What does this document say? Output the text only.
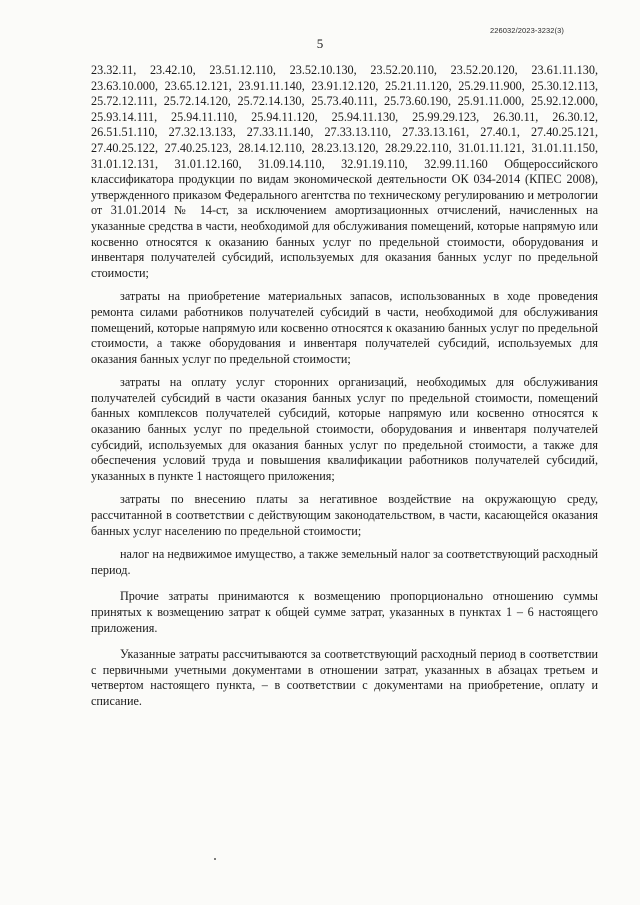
226032/2023-3232(3)
5

23.32.11, 23.42.10, 23.51.12.110, 23.52.10.130, 23.52.20.110, 23.52.20.120, 23.61.11.130, 23.63.10.000, 23.65.12.121, 23.91.11.140, 23.91.12.120, 25.21.11.120, 25.29.11.900, 25.30.12.113, 25.72.12.111, 25.72.14.120, 25.72.14.130, 25.73.40.111, 25.73.60.190, 25.91.11.000, 25.92.12.000, 25.93.14.111, 25.94.11.110, 25.94.11.120, 25.94.11.130, 25.99.29.123, 26.30.11, 26.30.12, 26.51.51.110, 27.32.13.133, 27.33.11.140, 27.33.13.110, 27.33.13.161, 27.40.1, 27.40.25.121, 27.40.25.122, 27.40.25.123, 28.14.12.110, 28.23.13.120, 28.29.22.110, 31.01.11.121, 31.01.11.150, 31.01.12.131, 31.01.12.160, 31.09.14.110, 32.91.19.110, 32.99.11.160 Общероссийского классификатора продукции по видам экономической деятельности ОК 034-2014 (КПЕС 2008), утвержденного приказом Федерального агентства по техническому регулированию и метрологии от 31.01.2014 № 14-ст, за исключением амортизационных отчислений, начисленных на указанные средства в части, необходимой для обслуживания помещений, которые напрямую или косвенно относятся к оказанию банных услуг по предельной стоимости, оборудования и инвентаря получателей субсидий, используемых для оказания банных услуг по предельной стоимости;

затраты на приобретение материальных запасов, использованных в ходе проведения ремонта силами работников получателей субсидий в части, необходимой для обслуживания помещений, которые напрямую или косвенно относятся к оказанию банных услуг по предельной стоимости, а также оборудования и инвентаря получателей субсидий, используемых для оказания банных услуг по предельной стоимости;

затраты на оплату услуг сторонних организаций, необходимых для обслуживания получателей субсидий в части оказания банных услуг по предельной стоимости, помещений банных комплексов получателей субсидий, которые напрямую или косвенно относятся к оказанию банных услуг по предельной стоимости, оборудования и инвентаря получателей субсидий, используемых для оказания банных услуг по предельной стоимости, а также для обеспечения условий труда и повышения квалификации работников получателей субсидий, указанных в пункте 1 настоящего приложения;

затраты по внесению платы за негативное воздействие на окружающую среду, рассчитанной в соответствии с действующим законодательством, в части, касающейся оказания банных услуг населению по предельной стоимости;

налог на недвижимое имущество, а также земельный налог за соответствующий расходный период.

Прочие затраты принимаются к возмещению пропорционально отношению суммы принятых к возмещению затрат к общей сумме затрат, указанных в пунктах 1 – 6 настоящего приложения.

Указанные затраты рассчитываются за соответствующий расходный период в соответствии с первичными учетными документами в отношении затрат, указанных в абзацах третьем и четвертом настоящего пункта, – в соответствии с документами на приобретение, оплату и списание.
